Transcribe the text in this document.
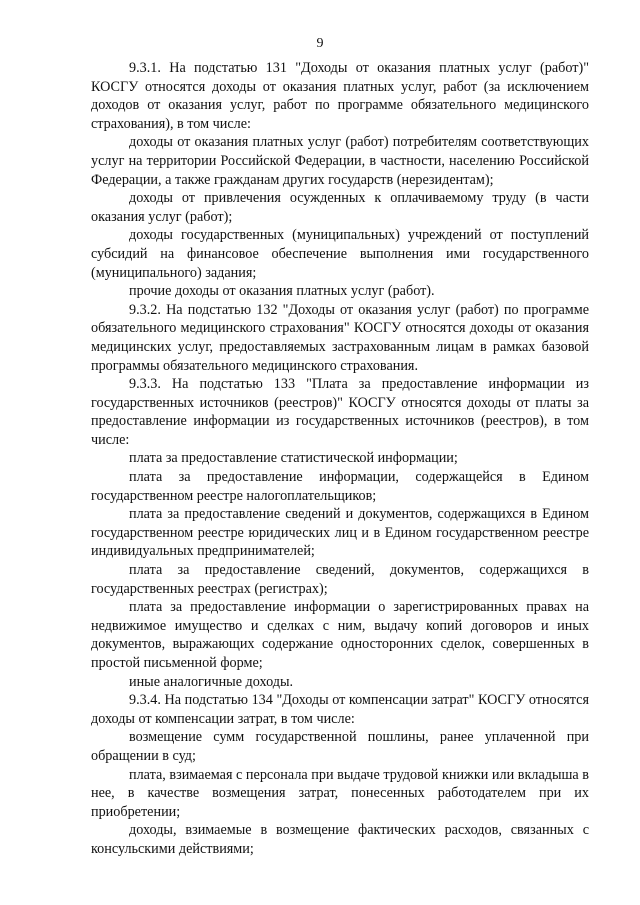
9

9.3.1. На подстатью 131 "Доходы от оказания платных услуг (работ)" КОСГУ относятся доходы от оказания платных услуг, работ (за исключением доходов от оказания услуг, работ по программе обязательного медицинского страхования), в том числе:

доходы от оказания платных услуг (работ) потребителям соответствующих услуг на территории Российской Федерации, в частности, населению Российской Федерации, а также гражданам других государств (нерезидентам);

доходы от привлечения осужденных к оплачиваемому труду (в части оказания услуг (работ);

доходы государственных (муниципальных) учреждений от поступлений субсидий на финансовое обеспечение выполнения ими государственного (муниципального) задания;

прочие доходы от оказания платных услуг (работ).

9.3.2. На подстатью 132 "Доходы от оказания услуг (работ) по программе обязательного медицинского страхования" КОСГУ относятся доходы от оказания медицинских услуг, предоставляемых застрахованным лицам в рамках базовой программы обязательного медицинского страхования.

9.3.3. На подстатью 133 "Плата за предоставление информации из государственных источников (реестров)" КОСГУ относятся доходы от платы за предоставление информации из государственных источников (реестров), в том числе:

плата за предоставление статистической информации;

плата за предоставление информации, содержащейся в Едином государственном реестре налогоплательщиков;

плата за предоставление сведений и документов, содержащихся в Едином государственном реестре юридических лиц и в Едином государственном реестре индивидуальных предпринимателей;

плата за предоставление сведений, документов, содержащихся в государственных реестрах (регистрах);

плата за предоставление информации о зарегистрированных правах на недвижимое имущество и сделках с ним, выдачу копий договоров и иных документов, выражающих содержание односторонних сделок, совершенных в простой письменной форме;

иные аналогичные доходы.

9.3.4. На подстатью 134 "Доходы от компенсации затрат" КОСГУ относятся доходы от компенсации затрат, в том числе:

возмещение сумм государственной пошлины, ранее уплаченной при обращении в суд;

плата, взимаемая с персонала при выдаче трудовой книжки или вкладыша в нее, в качестве возмещения затрат, понесенных работодателем при их приобретении;

доходы, взимаемые в возмещение фактических расходов, связанных с консульскими действиями;
